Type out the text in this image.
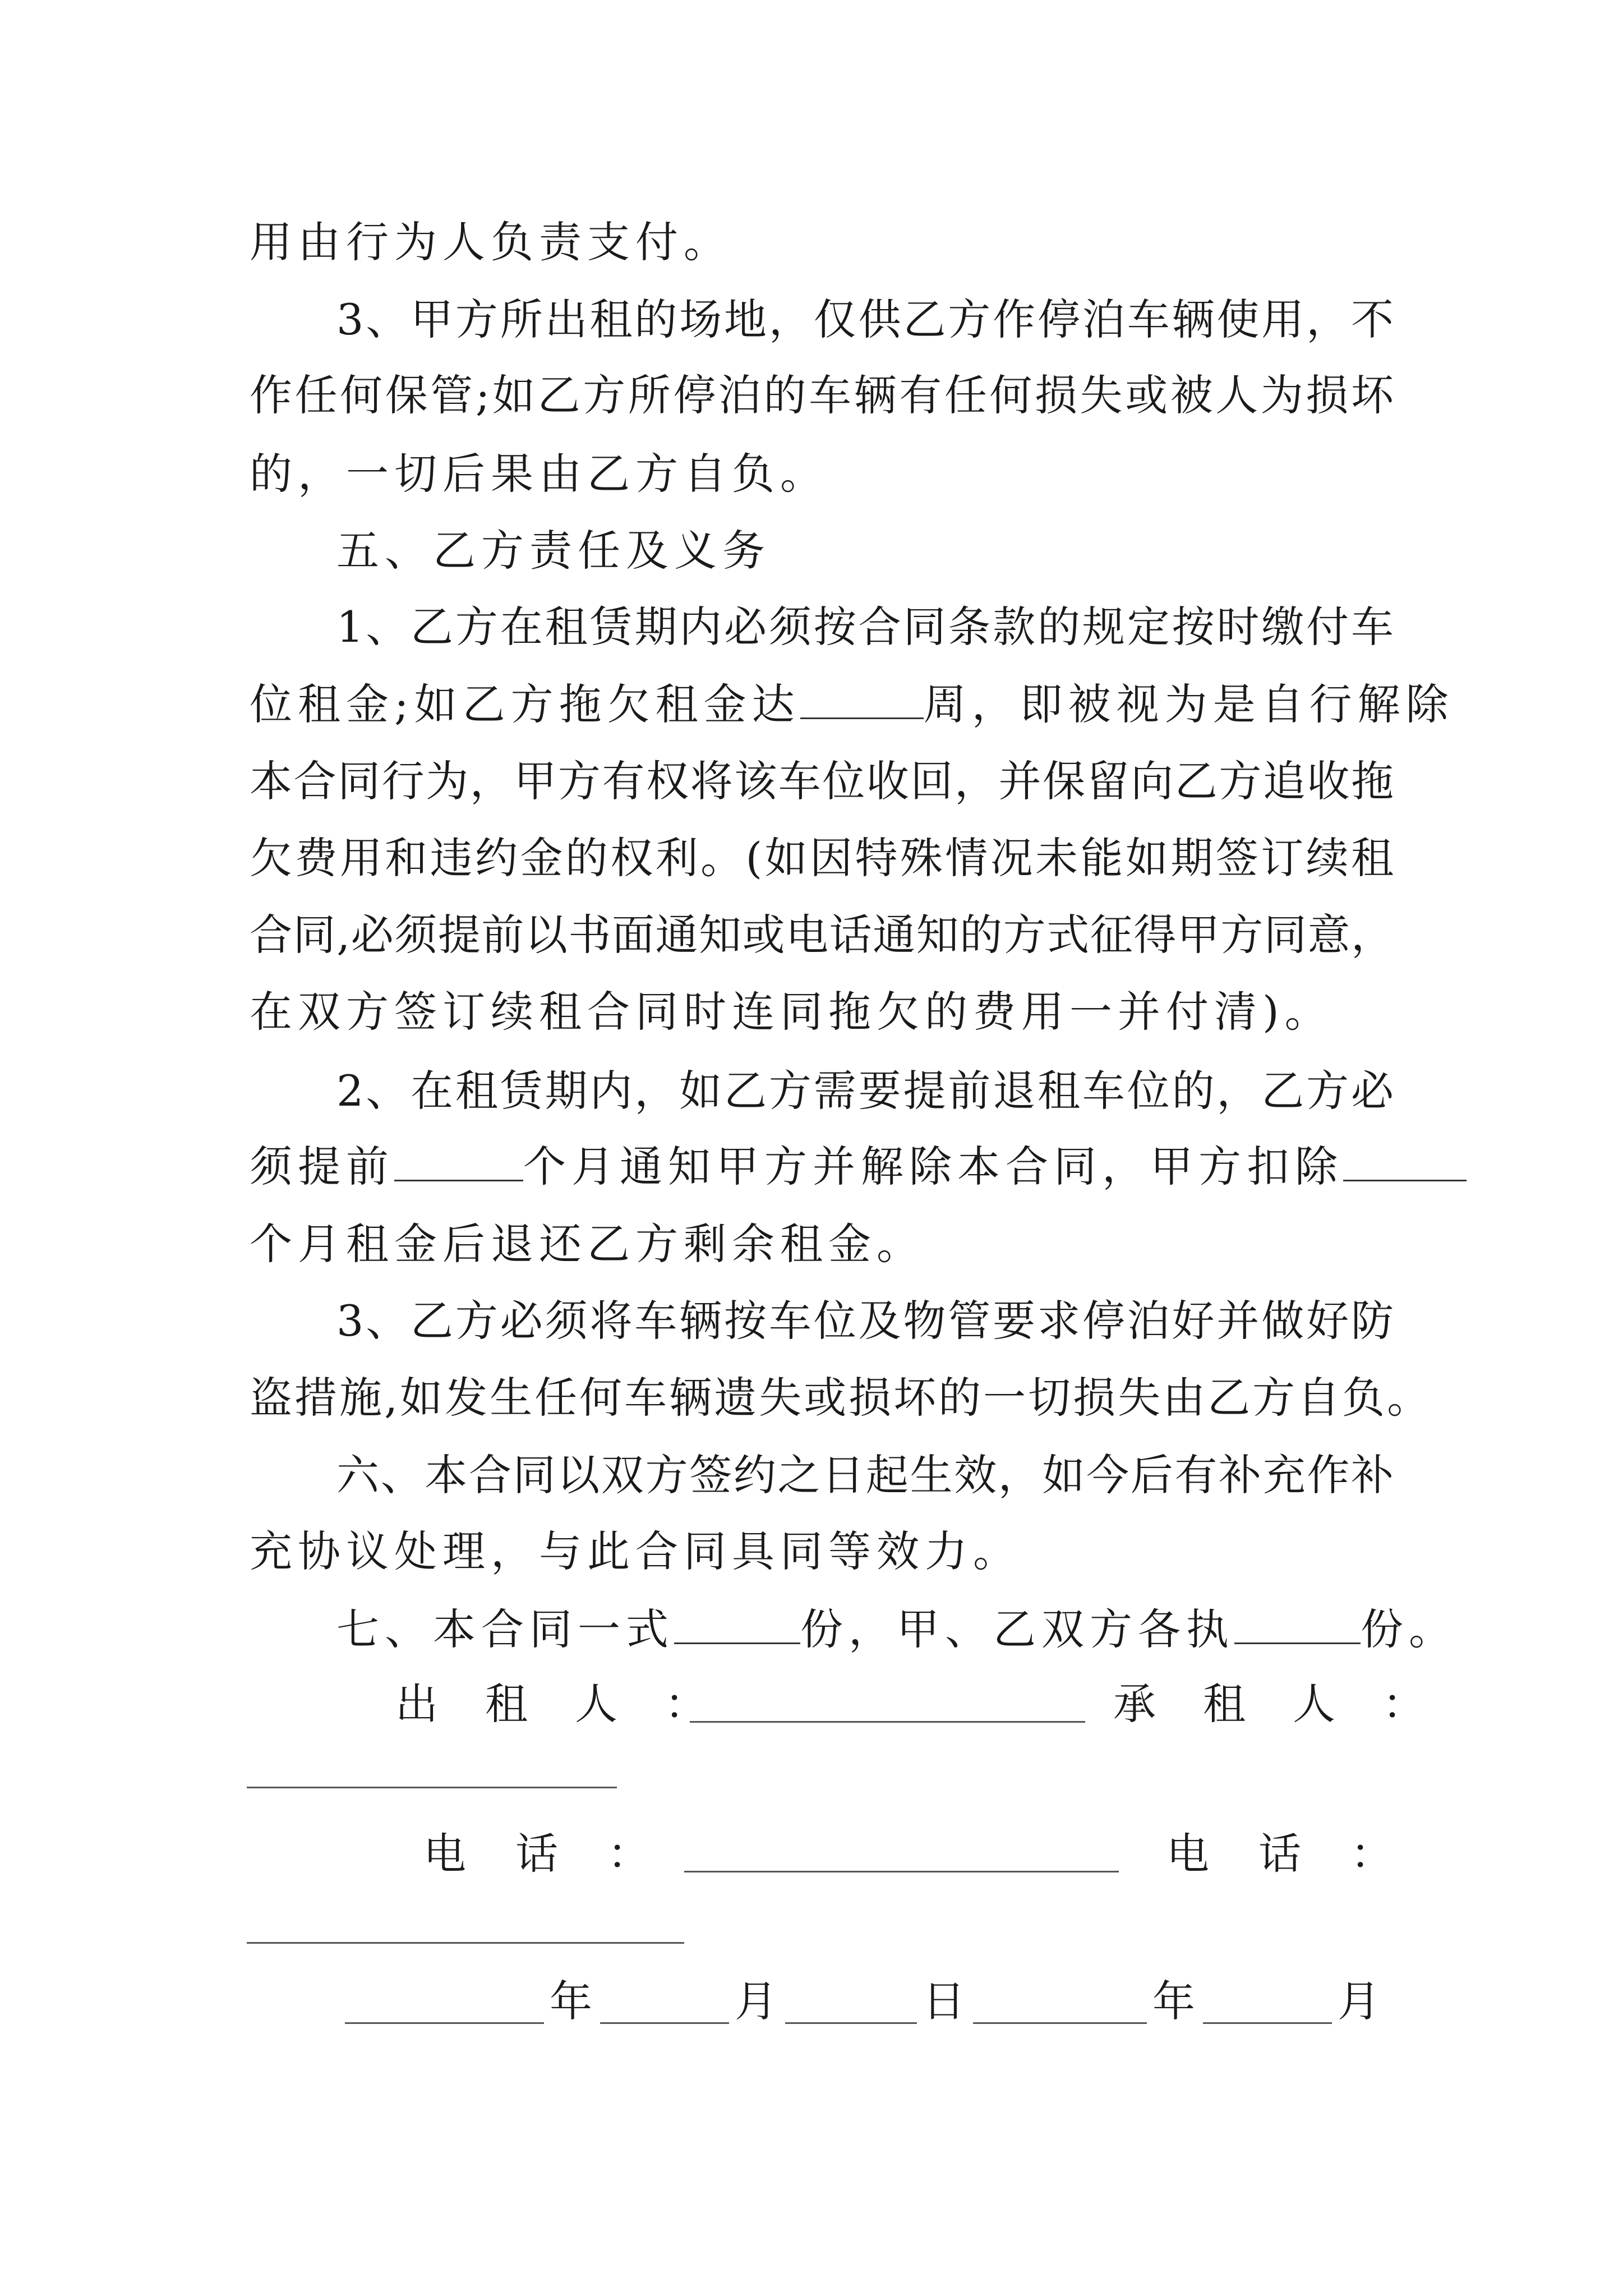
用由行为人负责支付。
3、甲方所出租的场地，仅供乙方作停泊车辆使用，不
作任何保管;如乙方所停泊的车辆有任何损失或被人为损坏
的，一切后果由乙方自负。
五、乙方责任及义务
1、乙方在租赁期内必须按合同条款的规定按时缴付车
位租金;如乙方拖欠租金达	周，即被视为是自行解除
本合同行为，甲方有权将该车位收回，并保留向乙方追收拖
欠费用和违约金的权利。(如因特殊情况未能如期签订续租
合同,必须提前以书面通知或电话通知的方式征得甲方同意，
在双方签订续租合同时连同拖欠的费用一并付清)。
2、在租赁期内，如乙方需要提前退租车位的，乙方必
须提前	个月通知甲方并解除本合同，甲方扣除
个月租金后退还乙方剩余租金。
3、乙方必须将车辆按车位及物管要求停泊好并做好防
盗措施,如发生任何车辆遗失或损坏的一切损失由乙方自负。
六、本合同以双方签约之日起生效，如今后有补充作补
充协议处理，与此合同具同等效力。
七、本合同一式	份，甲、乙双方各执	份。
出　租　人　：	承　租　人　：
电　话　：	电　话　：
年	月	日	年	月
